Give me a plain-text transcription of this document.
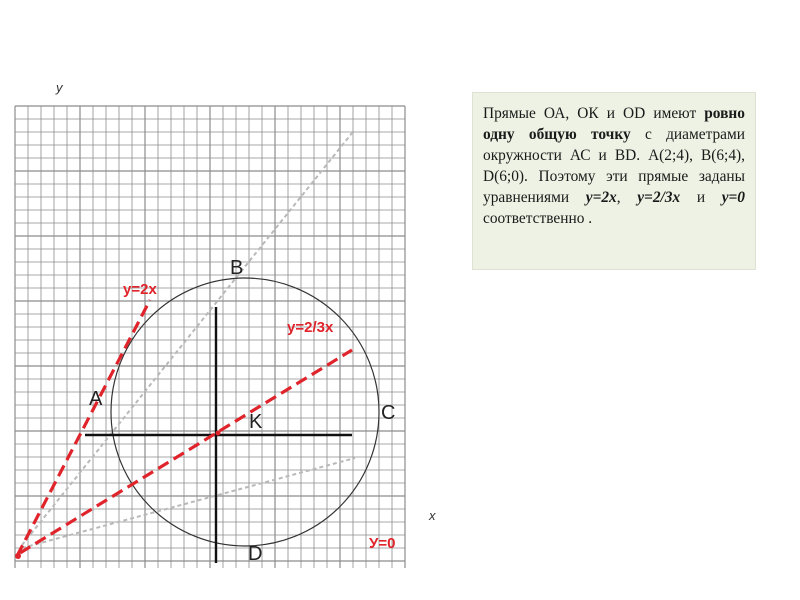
y
x
A
B
C
D
K
y=2x
y=2/3x
У=0
Прямые ОА, ОК и OD имеют ровно одну общую точку с диаметрами окружности АС и BD. А(2;4), В(6;4), D(6;0). Поэтому эти прямые заданы уравнениями y=2x, y=2/3x и y=0 соответственно .
